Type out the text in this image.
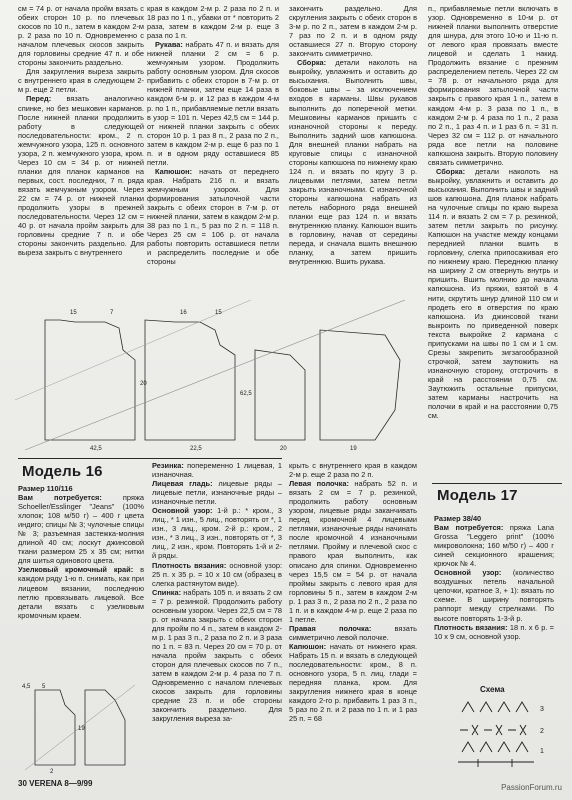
см = 74 р. от начала пройм вязать с обеих сторон 10 р. по плечевых скосов по 10 п., затем в каждом 2-м р. 2 раза по 10 п. Одновременно с началом плечевых скосов закрыть для горловины средние 47 п. и обе стороны закончить раздельно.

Для закругления выреза закрыть с внутреннего края в следующем 2-м р. еще 2 петли.

Перед: вязать аналогично спинке, но без мешковин карманов. После нижней планки продолжить работу в следующей последовательности: кром., 2 п. жемчужного узора, 125 п. основного узора, 2 п. жемчужного узора, кром. Через 10 см = 34 р. от нижней планки для планок карманов на первых, сост. последних, 7 п. ряда вязать жемчужным узором. Через 22 см = 74 р. от нижней планки продолжить узоры в прежней последовательности. Через 12 см = 40 р. от начала пройм закрыть для горловины средние 7 п. и обе стороны закончить раздельно. Для выреза закрыть с внутреннего

края в каждом 2-м р. 2 раза по 2 п. и 18 раз по 1 п., убавки от * повторить 2 раза, затем в каждом 2-м р. еще 3 раза по 1 п.

Рукава: набрать 47 п. и вязать для нижней планки 2 см = 6 р. жемчужным узором. Продолжить работу основным узором. Для скосов прибавить с обеих сторон в 7-м р. от нижней планки, затем еще 14 раза в каждом 6-м р. и 12 раз в каждом 4-м р. по 1 п., прибавляемые петли вязать в узор = 101 п. Через 42,5 см = 144 р. от нижней планки закрыть с обеих сторон 10 р. 1 раз 8 п., 2 раза по 2 п., затем в каждом 2-м р. еще 6 раз по 1 п. и в одном ряду оставшиеся 85 петли.

Капюшон: начать от переднего края. Набрать 216 п. и вязать жемчужным узором. Для формирования затылочной части закрыть с обеих сторон в 7-м р. от нижней планки, затем в каждом 2-м р. 38 раз по 1 п., 5 раз по 2 п. = 118 п. Через 25 см = 106 р. от начала работы повторить оставшиеся петли и распределить последние и обе стороны

закончить раздельно. Для скругления закрыть с обеих сторон в 3-м р. по 2 п., затем в каждом 2-м р. 7 раз по 2 п. и в одном ряду оставшиеся 27 п. Вторую сторону закончить симметрично.

Сборка: детали наколоть на выкройку, увлажнить и оставить до высыхания. Выполнить швы, боковые швы – за исключением входов в карманы. Швы рукавов выполнить до поперечной метки. Мешковины карманов пришить с изнаночной стороны к переду. Выполнить задний шов капюшона. Для внешней планки набрать на круговые спицы с изнаночной стороны капюшона по нижнему краю 124 п. и вязать по кругу 3 р. лицевыми петлями, затем петли закрыть изнаночными. С изнаночной стороны капюшона набрать из петель наборного ряда внешней планки еще раз 124 п. и вязать внутреннюю планку. Капюшон вшить в горловину, начав от середины переда, и сначала вшить внешнюю планку, а затем пришить внутреннюю. Вшить рукава.

п., прибавляемые петли включать в узор. Одновременно в 10-м р. от нижней планки выполнить отверстие для шнура, для этого 10-ю и 11-ю п. от левого края провязать вместе лицевой и сделать 1 накид. Продолжить вязание с прежним распределением петель. Через 22 см = 78 р. от начального ряда для формирования затылочной части закрыть с правого края 1 п., затем в каждом 4-м р. 3 раза по 1 п., в каждом 2-м р. 4 раза по 1 п., 2 раза по 2 п., 1 раз 4 п. и 1 раз 6 п. = 31 п. Через 32 см = 112 р. от начального ряда все петли на половине капюшона закрыть. Вторую половину связать симметрично.

Сборка: детали наколоть на выкройку, увлажнить и оставить до высыхания. Выполнить швы и задний шов капюшона. Для планок набрать на чулочные спицы по краю выреза 114 п. и вязать 2 см = 7 р. резинкой, затем петли закрыть по рисунку. Капюшон на участке между концами переднией планки вшить в горловину, слегка припосаживая его по нижнему краю. Переднюю планку на ширину 2 см отвернуть внутрь и пришить. Вшить молнию до начала капюшона. Из пряжи, взятой в 4 нити, скрутить шнур длиной 110 см и продеть его в отверстия по краю капюшона. Из джинсовой ткани выкроить по приведенной поверх текста выкройке 2 кармана с припусками на швы по 1 см и 1 см. Срезы закрепить зигзагообразной строчкой, затем заутюжить на изнаночную сторону, отстрочить в край на расстоянии 0,75 см. Заутюжить остальные припуски, затем карманы настрочить на полочки в край и на расстоянии 0,75 см.

15	7	16	15
20
62,5
20	19
42,5	22,5
Модель 16
Модель 17

Размер 110/116

Вам потребуется: пряжа Schoeller/Esslinger "Jeans" (100% хлопок; 108 м/50 г) – 400 г цвета индиго; спицы № 3; чулочные спицы № 3; разъемная застежка-молния длиной 40 см; лоскут джинсовой ткани размером 25 х 35 см; нитки для шитья одинового цвета.

Узелковый кромочный край: в каждом ряду 1-ю п. снимать, как при лицевом вязании, последнюю петлю провязывать лицевой. Все детали вязать с узелковым кромочным краем.

Резинка: попеременно 1 лицевая, 1 изнаночная.

Лицевая гладь: лицевые ряды – лицевые петли, изнаночные ряды – изнаночные петли.

Основной узор: 1-й р.: * кром., 3 лиц., * 1 изн., 5 лиц., повторять от *, 1 изн., 3 лиц., кром. 2-й р.: кром., 2 изн., * 3 лиц., 3 изн., повторять от *, 3 лиц., 2 изн., кром. Повторять 1-й и 2-й ряды.

Плотность вязания: основной узор: 25 п. х 35 р. = 10 х 10 см (образец в слегка растянутом виде).

Спинка: набрать 105 п. и вязать 2 см = 7 р. резинкой. Продолжить работу основным узором. Через 22,5 см = 78 р. от начала закрыть с обеих сторон для пройм по 4 п., затем в каждом 2-м р. 1 раз 3 п., 2 раза по 2 п. и 3 раза по 1 п. = 83 п. Через 20 см = 70 р. от начала пройм закрыть с обеих сторон для плечевых скосов по 7 п., затем в каждом 2-м р. 4 раза по 7 п. Одновременно с началом плечевых скосов закрыть для горловины средние 23 п. и обе стороны закончить раздельно. Для закругления выреза за-

крыть с внутреннего края в каждом 2-м р. еще 2 раза по 2 п.

Левая полочка: набрать 52 п. и вязать 2 см = 7 р. резинкой, продолжить работу основным узором, лицевые ряды заканчивать перед кромочной 4 лицевыми петлями, изнаночные ряды начинать после кромочной 4 изнаночными петлями. Пройму и плечевой скос с правого края выполнить, как описано для спинки. Одновременно через 15,5 см = 54 р. от начала проймы закрыть с левого края для горловины 5 п., затем в каждом 2-м р. 1 раз 3 п., 2 раза по 2 п., 2 раза по 1 п. и в каждом 4-м р. еще 2 раза по 1 петле.

Правая полочка: вязать симметрично левой полочке.

Капюшон: начать от нижнего края. Набрать 15 п. и вязать в следующей последовательности: кром., 8 п. основного узора, 5 п. лиц. глади = передняя планка, кром. Для закругления нижнего края в конце каждого 2-го р. прибавить 1 раз 3 п., 5 раз по 2 п. и 2 раза по 1 п. и 1 раз 25 п. = 68

Размер 38/40

Вам потребуется: пряжа Lana Grossa "Leggero print" (100% микроволокна; 160 м/50 г) – 400 г синей секционного крашения; крючок № 4.

Основной узор: (количество воздушных петель начальной цепочки, кратное 3, + 1): вязать по схеме. В ширину повторять раппорт между стрелками. По высоте повторять 1-3-й р.

Плотность вязания: 18 п. х 6 р. = 10 х 9 см, основной узор.

4,5 5
19
2
Схема
3
2
1
30 VERENA 8—9/99	PassionForum.ru
